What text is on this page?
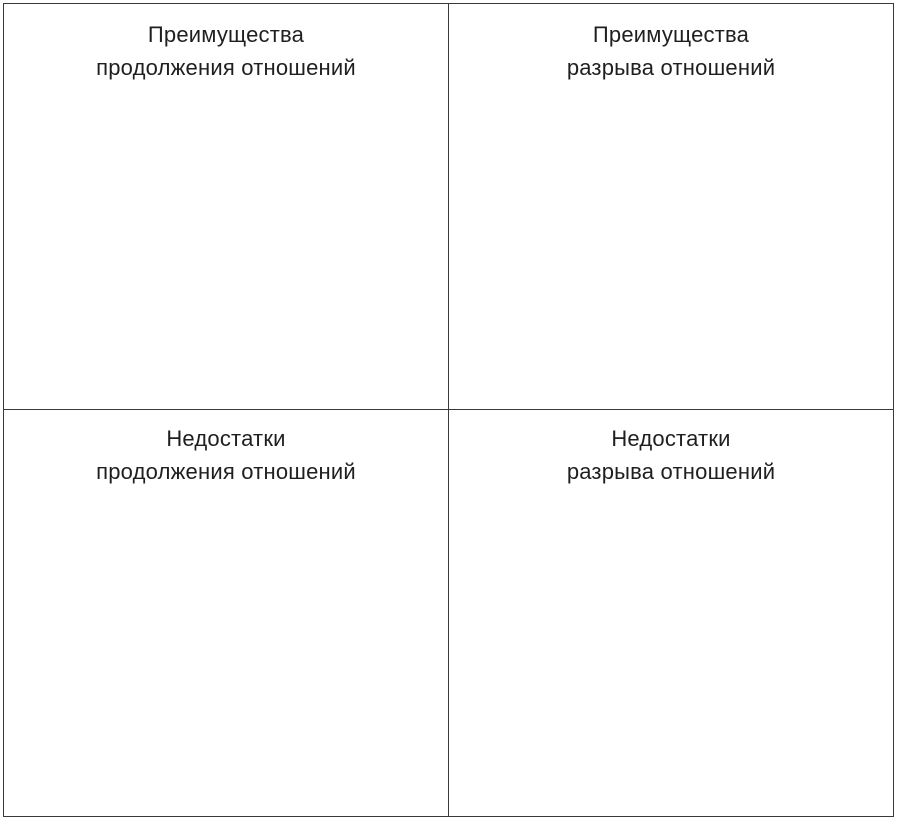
Преимущества
продолжения отношений
Преимущества
разрыва отношений
Недостатки
продолжения отношений
Недостатки
разрыва отношений
